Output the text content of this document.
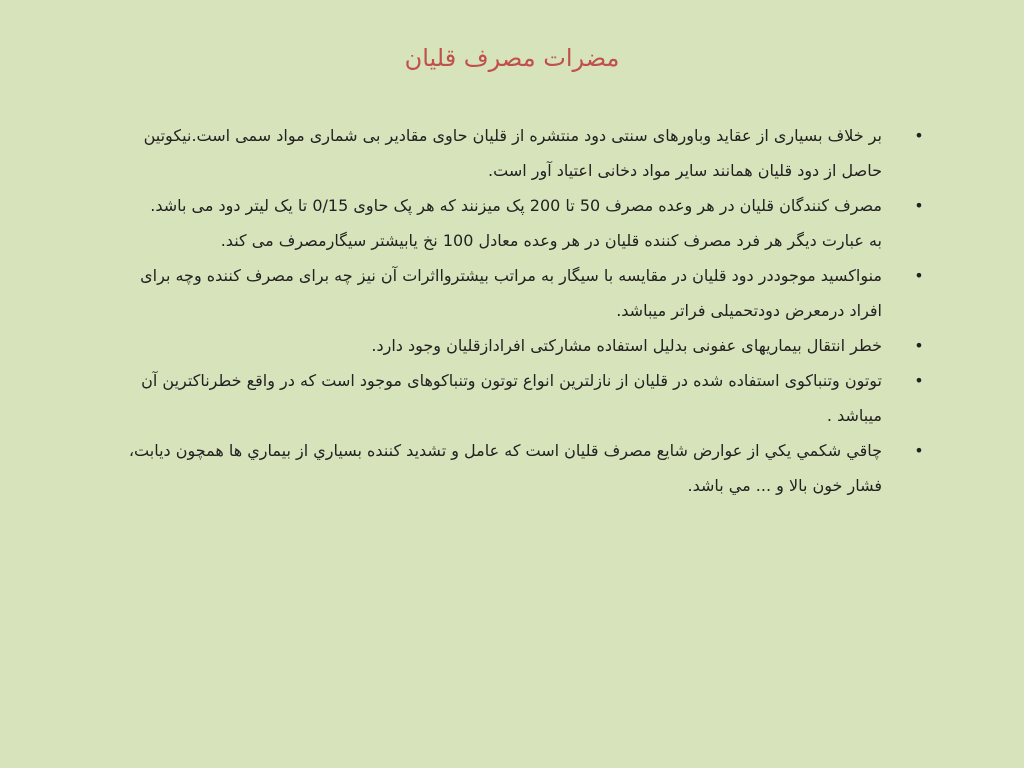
مضرات مصرف قلیان
•
بر خلاف بسیاری از عقاید وباورهای سنتی دود منتشره از قلیان حاوی مقادیر بی شماری مواد سمی است.نیکوتین حاصل از دود قلیان همانند سایر مواد دخانی اعتیاد آور است.
•
مصرف کنندگان قلیان در هر وعده مصرف 50 تا 200 پک میزنند که هر پک حاوی 0/15 تا یک لیتر دود می باشد.
به عبارت دیگر هر فرد مصرف کننده قلیان در هر وعده معادل 100 نخ یابیشتر سیگارمصرف می کند.
•
منواکسید موجوددر دود قلیان در مقایسه با سیگار به مراتب بیشتروااثرات آن نیز چه برای مصرف کننده وچه برای افراد درمعرض دودتحمیلی فراتر میباشد.
•
خطر انتقال بیماریهای عفونی بدلیل استفاده مشارکتی افرادازقلیان وجود دارد.
•
توتون وتنباکوی استفاده شده در قلیان از نازلترین انواع توتون وتنباکوهای موجود است که در واقع خطرناکترین آن میباشد .
•
چاقي شكمي يكي از عوارض شايع مصرف قليان است كه عامل و تشديد كننده بسياري از بيماري ها همچون ديابت، فشار خون بالا و ... مي باشد.
